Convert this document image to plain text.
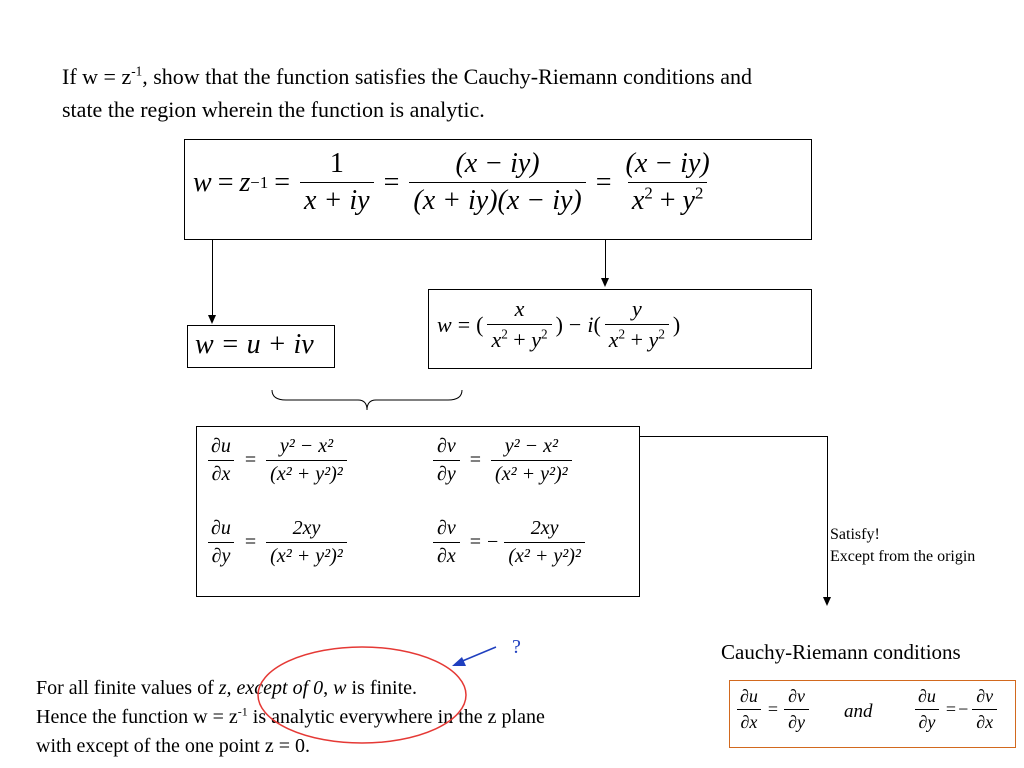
If $w = z^{-1}$, show that the function satisfies the Cauchy-Riemann conditions and
state the region wherein the function is analytic.
$w = z -1 = \frac{1}{x + iy} = \frac{(x - iy)}{(x + iy)(x - iy)} = \frac{(x - iy)}{x^2 + y^2}$
w = u + iv
w = ( $\frac{x}{x^2 + y^2}$ ) − i ( $\frac{y}{x^2 + y^2}$ )
$\frac{\partial u}{\partial x} = \frac{\text{y² − x²}}{\text{(x² + y²)²}}$	$\frac{\partial v}{\partial y} = \frac{\text{y² − x²}}{\text{(x² + y²)²}}$
$\frac{\partial u}{\partial y} = \frac{2xy}{\text{(x² + y²)²}}$	$\frac{\partial v}{\partial x}$ = − $\frac{2xy}{\text{(x² + y²)²}}$	Satisfy!
Except from the origin
Cauchy-Riemann conditions
$\frac{\partial u}{\partial x} = \frac{\partial v}{\partial y}$ and $\frac{\partial u}{\partial y}$ = − $\frac{\partial v}{\partial x}$
For all finite values of z, except of 0, w is finite.
Hence the function $w = z^{-1}$ is analytic everywhere in the z plane
with except of the one point z = 0.
?
